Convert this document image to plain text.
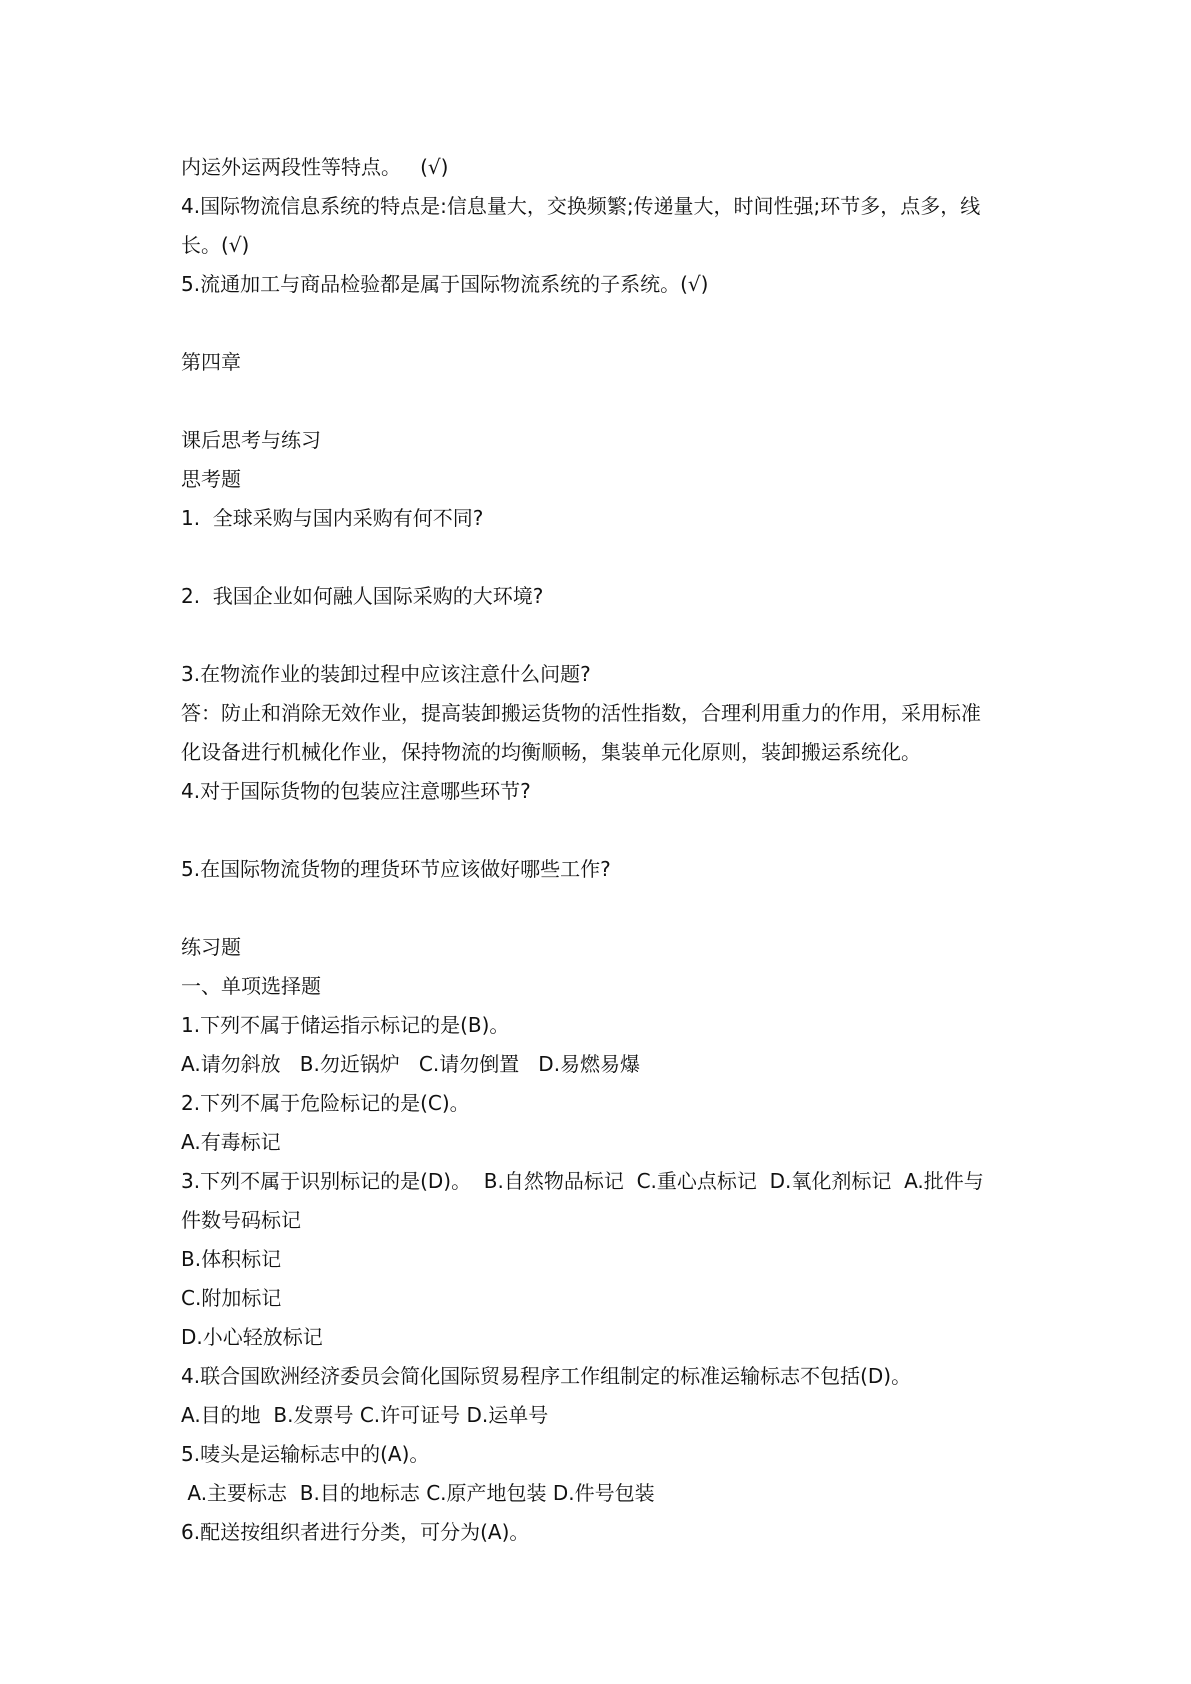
内运外运两段性等特点。   (√)
4.国际物流信息系统的特点是:信息量大，交换频繁;传递量大，时间性强;环节多，点多，线
长。(√)
5.流通加工与商品检验都是属于国际物流系统的子系统。(√)
第四章
课后思考与练习
思考题
1.  全球采购与国内采购有何不同?
2.  我国企业如何融人国际采购的大环境?
3.在物流作业的装卸过程中应该注意什么问题?
答：防止和消除无效作业，提高装卸搬运货物的活性指数，合理利用重力的作用，采用标准
化设备进行机械化作业，保持物流的均衡顺畅，集装单元化原则，装卸搬运系统化。
4.对于国际货物的包装应注意哪些环节?
5.在国际物流货物的理货环节应该做好哪些工作?
练习题
一、单项选择题
1.下列不属于储运指示标记的是(B)。
A.请勿斜放   B.勿近锅炉   C.请勿倒置   D.易燃易爆
2.下列不属于危险标记的是(C)。
A.有毒标记
3.下列不属于识别标记的是(D)。  B.自然物品标记  C.重心点标记  D.氧化剂标记  A.批件与
件数号码标记
B.体积标记
C.附加标记
D.小心轻放标记
4.联合国欧洲经济委员会简化国际贸易程序工作组制定的标准运输标志不包括(D)。
A.目的地  B.发票号 C.许可证号 D.运单号
5.唛头是运输标志中的(A)。
A.主要标志  B.目的地标志 C.原产地包装 D.件号包装
6.配送按组织者进行分类，可分为(A)。
